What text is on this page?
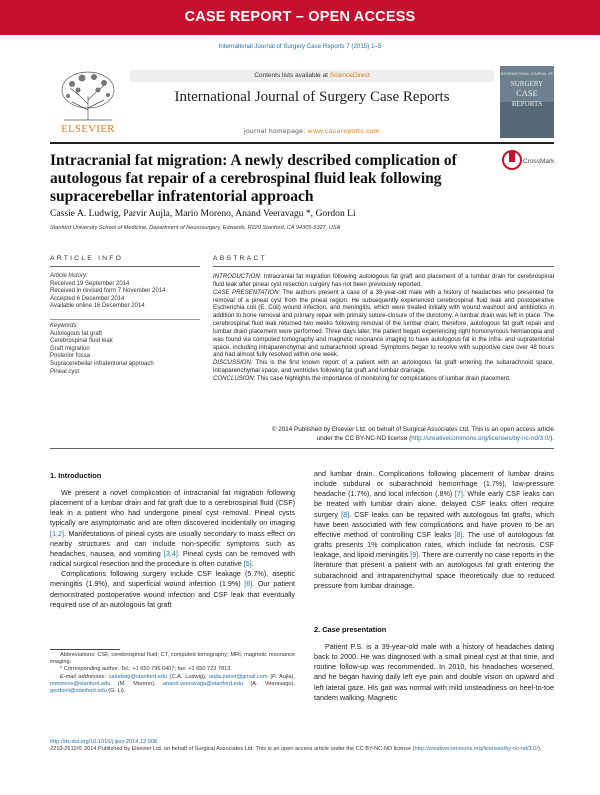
CASE REPORT – OPEN ACCESS
International Journal of Surgery Case Reports 7 (2015) 1–5
ELSEVIER
Contents lists available at ScienceDirect
International Journal of Surgery Case Reports
journal homepage: www.casereports.com
INTERNATIONAL JOURNAL OF
SURGERY
CASE
REPORTS
Intracranial fat migration: A newly described complication of
autologous fat repair of a cerebrospinal fluid leak following
supracerebellar infratentorial approach
CrossMark
Cassie A. Ludwig, Parvir Aujla, Mario Moreno, Anand Veeravagu *, Gordon Li
Stanford University School of Medicine, Department of Neurosurgery, Edwards, R229 Stanford, CA 94305-5327, USA
ARTICLE INFO	ABSTRACT
Article history:
Received 19 September 2014
Received in revised form 7 November 2014
Accepted 6 December 2014
Available online 16 December 2014
Keywords:
Autologous fat graft
Cerebrospinal fluid leak
Graft migration
Posterior fossa
Supracerebellar infratentorial approach
Pineal cyst
INTRODUCTION: Intracranial fat migration following autologous fat graft and placement of a lumbar drain for cerebrospinal fluid leak after pineal cyst resection surgery has not been previously reported.
CASE PRESENTATION: The authors present a case of a 39-year-old male with a history of headaches who presented for removal of a pineal cyst from the pineal region. He subsequently experienced cerebrospinal fluid leak and postoperative Escherichia coli (E. Coli) wound infection, and meningitis, which were treated initially with wound washout and antibiotics in addition to bone removal and primary repair with primary suture-closure of the durotomy. A lumbar drain was left in place. The cerebrospinal fluid leak returned two weeks following removal of the lumbar drain; therefore, autologous fat graft repair and lumbar drain placement were performed. Three days later, the patient began experiencing right homonymous hemianopia and was found via computed tomography and magnetic resonance imaging to have autologous fat in the infra- and supratentorial space, including intraparenchymal and subarachnoid spread. Symptoms began to resolve with supportive care over 48 hours and had almost fully resolved within one week.
DISCUSSION: This is the first known report of a patient with an autologous fat graft entering the subarachnoid space, intraparenchymal space, and ventricles following fat graft and lumbar drainage.
CONCLUSION: This case highlights the importance of monitoring for complications of lumbar drain placement.
© 2014 Published by Elsevier Ltd. on behalf of Surgical Associates Ltd. This is an open access article
under the CC BY-NC-ND license (http://creativecommons.org/licenses/by-nc-nd/3.0/).
1. Introduction

We present a novel complication of intracranial fat migration following placement of a lumbar drain and fat graft due to a cerebrospinal fluid (CSF) leak in a patient who had undergone pineal cyst removal. Pineal cysts typically are asymptomatic and are often discovered incidentally on imaging [1,2]. Manifestations of pineal cysts are usually secondary to mass effect on nearby structures and can include non-specific symptoms such as headaches, nausea, and vomiting [3,4]. Pineal cysts can be removed with radical surgical resection and the procedure is often curative [5].

Complications following surgery include CSF leakage (5.7%), aseptic meningitis (1.9%), and superficial wound infection (1.9%) [6]. Our patient demonstrated postoperative wound infection and CSF leak that eventually required use of an autologous fat graft

Abbreviations: CSF, cerebrospinal fluid; CT, computed tomography; MRI, magnetic resonance imaging.
* Corresponding author. Tel.: +1 650 796 6407; fax: +1 650 723 7813.
E-mail addresses: caludwig@stanford.edu (C.A. Ludwig), aujla.parvir@gmail.com (P. Aujla), mmoreno@stanford.edu (M. Moreno), anand.veeravagu@stanford.edu (A. Veeravagu), gordonli@stanford.edu (G. Li).
http://dx.doi.org/10.1016/j.ijscr.2014.12.008
2210-2612/© 2014 Published by Elsevier Ltd. on behalf of Surgical Associates Ltd. This is an open access article under the CC BY-NC-ND license (http://creativecommons.org/licenses/by-nc-nd/3.0/).

and lumbar drain. Complications following placement of lumbar drains include subdural or subarachnoid hemorrhage (1.7%), low-pressure headache (1.7%), and local infection (.8%) [7]. While early CSF leaks can be treated with lumbar drain alone, delayed CSF leaks often require surgery [8]. CSF leaks can be repaired with autologous fat grafts, which have been associated with few complications and have proven to be an effective method of controlling CSF leaks [8]. The use of autologous fat grafts presents 1% complication rates, which include fat necrosis, CSF leakage, and lipoid meningitis [9]. There are currently no case reports in the literature that present a patient with an autologous fat graft entering the subarachnoid and intraparenchymal space theoretically due to reduced pressure from lumbar drainage.

2. Case presentation

Patient P.S. is a 39-year-old male with a history of headaches dating back to 2000. He was diagnosed with a small pineal cyst at that time, and routine follow-up was recommended. In 2010, his headaches worsened, and he began having daily left eye pain and double vision on upward and left lateral gaze. His gait was normal with mild unsteadiness on heel-to-toe tandem walking. Magnetic
